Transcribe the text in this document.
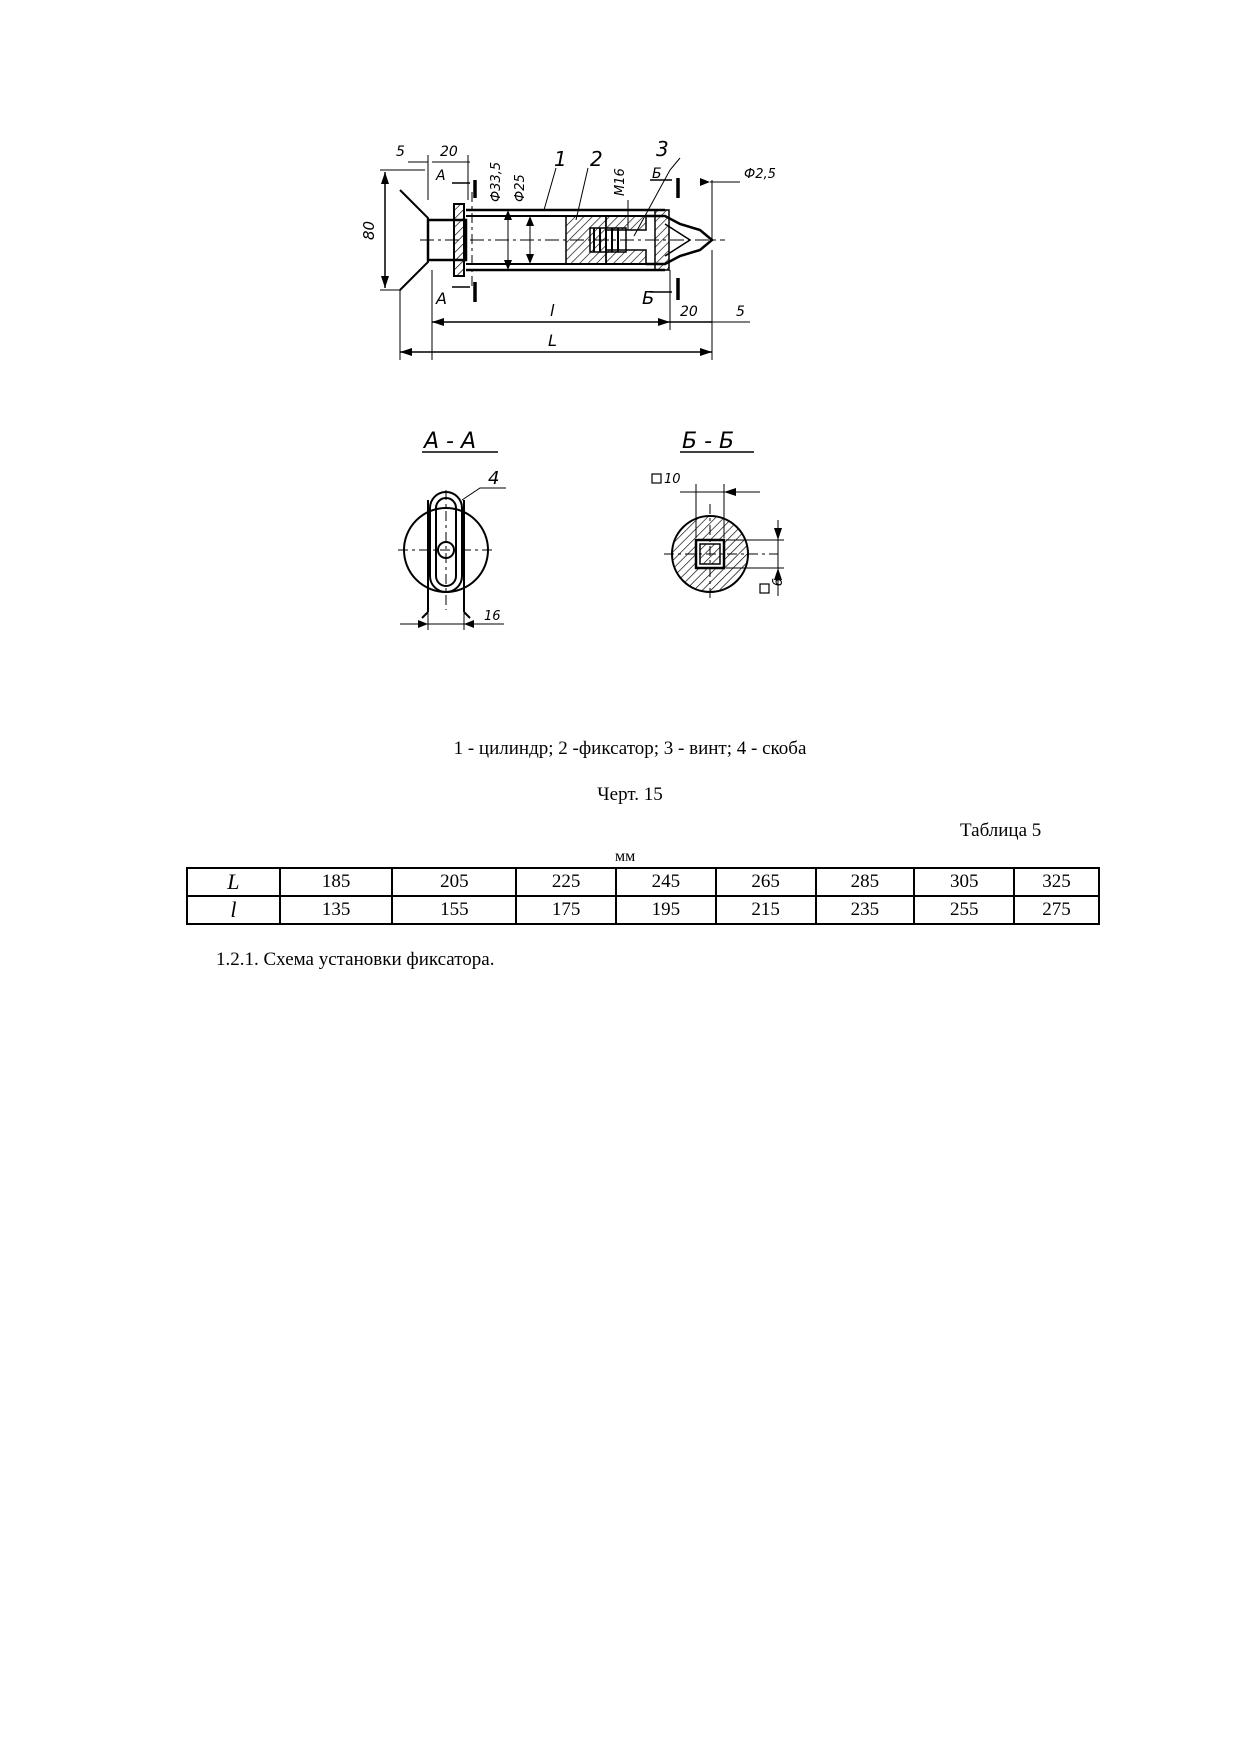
5	20
А
А
Ф33,5 Ф25	М16
1 2	3
Б
Б
Ф2,5
80
l	20	5
L
А - А
4
16
Б - Б
10
9
1 - цилиндр; 2 -фиксатор; 3 - винт; 4 - скоба
Черт. 15
Таблица 5
мм
L	185	205	225	245	265	285	305	325
l	135	155	175	195	215	235	255	275
1.2.1. Схема установки фиксатора.
